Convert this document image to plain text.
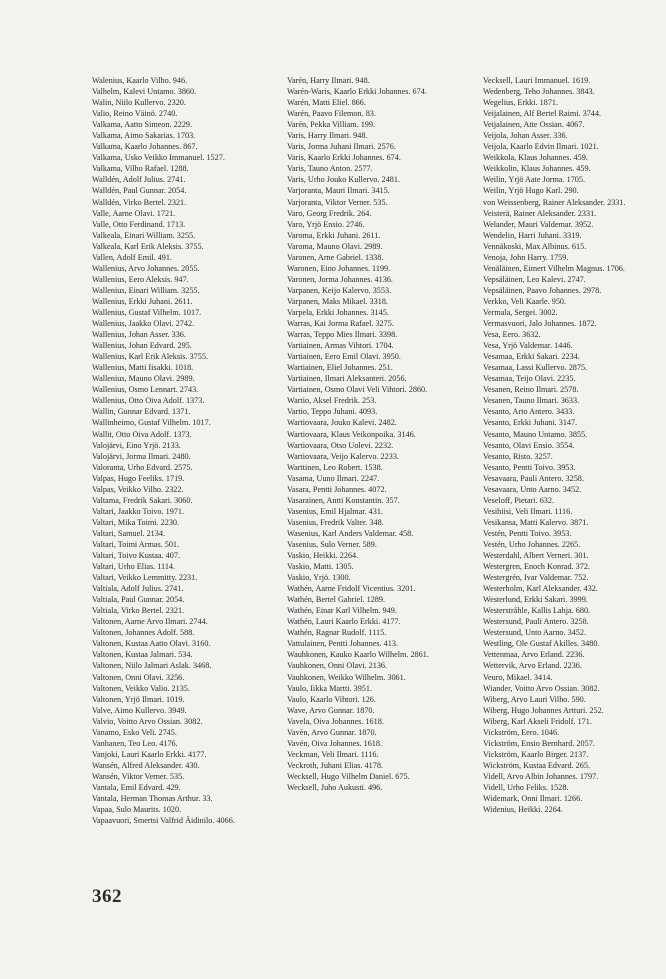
Walenius, Kaarlo Vilho. 946.
Valhelm, Kalevi Untamo. 3860.
Walin, Niilo Kullervo. 2320.
Valio, Reino Väinö. 2740.
Valkama, Aatto Simeon. 2229.
Valkama, Aimo Sakarias. 1703.
Valkama, Kaarlo Johannes. 867.
Valkama, Usko Veikko Immanuel. 1527.
Valkama, Vilho Rafael. 1288.
Walldén, Adolf Julius. 2741.
Walldén, Paul Gunnar. 2054.
Walldén, Virko Bertel. 2321.
Valle, Aarne Olavi. 1721.
Valle, Otto Ferdinand. 1713.
Valkeala, Einari William. 3255.
Valkeala, Karl Erik Aleksis. 3755.
Vallen, Adolf Emil. 491.
Wallenius, Arvo Johannes. 2055.
Wallenius, Eero Aleksis. 947.
Wallenius, Einari William. 3255.
Wallenius, Erkki Juhani. 2611.
Wallenius, Gustaf Vilhelm. 1017.
Wallenius, Jaakko Olavi. 2742.
Wallenius, Johan Asser. 336.
Wallenius, Johan Edvard. 295.
Wallenius, Karl Erik Aleksis. 3755.
Wallenius, Matti Iisakki. 1018.
Wallenius, Mauno Olavi. 2989.
Wallenius, Osmo Lennart. 2743.
Wallenius, Otto Oiva Adolf. 1373.
Wallin, Gunnar Edvard. 1371.
Wallinheimo, Gustaf Vilhelm. 1017.
Wallit, Otto Oiva Adolf. 1373.
Valojärvi, Eino Yrjö. 2133.
Valojärvi, Jorma Ilmari. 2480.
Valoranta, Urho Edvard. 2575.
Valpas, Hugo Feeliks. 1719.
Valpas, Veikko Vilho. 2322.
Valtama, Fredrik Sakari. 3060.
Valtari, Jaakko Toivo. 1971.
Valtari, Mika Toimi. 2230.
Valtari, Samuel. 2134.
Valtari, Toimi Armas. 501.
Valtari, Toivo Kustaa. 407.
Valtari, Urho Elias. 1114.
Valtari, Veikko Lemmitty. 2231.
Valtiala, Adolf Julius. 2741.
Valtiala, Paul Gunnar. 2054.
Valtiala, Virko Bertel. 2321.
Valtonen, Aarne Arvo Ilmari. 2744.
Valtonen, Johannes Adolf. 588.
Valtonen, Kustaa Aatto Olavi. 3160.
Valtonen, Kustaa Jalmari. 534.
Valtonen, Niilo Jalmari Aslak. 3468.
Valtonen, Onni Olavi. 3256.
Valtonen, Veikko Valio. 2135.
Valtonen, Yrjö Ilmari. 1019.
Valve, Aimo Kullervo. 3949.
Valvio, Voitto Arvo Ossian. 3082.
Vanamo, Esko Veli. 2745.
Vanhanen, Teo Leo. 4176.
Vanjoki, Lauri Kaarlo Erkki. 4177.
Wansén, Alfred Aleksander. 430.
Wansén, Viktor Verner. 535.
Vantala, Emil Edvard. 429.
Vantala, Herman Thomas Arthur. 33.
Vapaa, Sulo Maurits. 1020.
Vapaavuori, Smertsi Valfrid Äidinilo. 4066.
Varén, Harry Ilmari. 948.
Warén-Waris, Kaarlo Erkki Johannes. 674.
Warén, Matti Eliel. 866.
Warén, Paavo Filemon. 83.
Varén, Pekka Villiam. 199.
Varis, Harry Ilmari. 948.
Varis, Jorma Juhani Ilmari. 2576.
Varis, Kaarlo Erkki Johannes. 674.
Varis, Tauno Anton. 2577.
Varis, Urho Jouko Kullervo. 2481.
Varjoranta, Mauri Ilmari. 3415.
Varjoranta, Viktor Verner. 535.
Varo, Georg Fredrik. 264.
Varo, Yrjö Ensio. 2746.
Varoma, Erkki Juhani. 2611.
Varoma, Mauno Olavi. 2989.
Varonen, Arne Gabriel. 1338.
Waronen, Eino Johannes. 1199.
Varonen, Jorma Johannes. 4136.
Varpanen, Keijo Kalervo. 3553.
Varpanen, Maks Mikael. 3318.
Varpela, Erkki Johannes. 3145.
Warras, Kai Jorma Rafael. 3275.
Warras, Teppo Mies Ilmari. 3398.
Vartiainen, Armas Vihtori. 1704.
Vartiainen, Eero Emil Olavi. 3950.
Wartiainen, Eliel Johannes. 251.
Vartiainen, Ilmari Aleksanteri. 2056.
Vartiainen, Osmo Olavi Veli Vihtori. 2860.
Wartio, Aksel Fredrik. 253.
Vartio, Teppo Juhani. 4093.
Wartiovaara, Jouko Kalevi. 2482.
Wartiovaara, Klaus Veikonpoika. 3146.
Wartiovaara, Otso Uolevi. 2232.
Wartiovaara, Veijo Kalervo. 2233.
Warttinen, Leo Robert. 1538.
Vasama, Uuno Ilmari. 2247.
Vasara, Pentti Johannes. 4072.
Vasarainen, Antti Konstantin. 357.
Vasenius, Emil Hjalmar. 431.
Vasenius, Fredrik Valter. 348.
Wasenius, Karl Anders Valdemar. 458.
Vasenius, Sulo Verner. 589.
Vaskio, Heikki. 2264.
Vaskio, Matti. 1305.
Vaskio, Yrjö. 1300.
Wathén, Aarne Fridolf Vicentius. 3201.
Wathén, Bertel Gabriel. 1289.
Wathén, Einar Karl Vilhelm. 949.
Wathén, Lauri Kaarlo Erkki. 4177.
Wathén, Ragnar Rudolf. 1115.
Vattulainen, Pentti Johannes. 413.
Wauhkonen, Kauko Kaarlo Wilhelm. 2861.
Vauhkonen, Onni Olavi. 2136.
Vauhkonen, Weikko Wilhelm. 3061.
Vaulo, Iikka Martti. 3951.
Vaulo, Kaarlo Vihtori. 126.
Wave, Arvo Gunnar. 1870.
Vavela, Oiva Johannes. 1618.
Vavén, Arvo Gunnar. 1870.
Vavén, Oiva Johannes. 1618.
Veckman, Veli Ilmari. 1116.
Veckroth, Juhani Elias. 4178.
Wecksell, Hugo Vilhelm Daniel. 675.
Wecksell, Juho Aukusti. 496.
Vecksell, Lauri Immanuel. 1619.
Wedenberg, Teho Johannes. 3843.
Wegelius, Erkki. 1871.
Veijalainen, Alf Bertel Raimi. 3744.
Veijalainen, Atte Ossian. 4067.
Veijola, Johan Asser. 336.
Veijola, Kaarlo Edvin Ilmari. 1021.
Weikkola, Klaus Johannes. 459.
Weikkolin, Klaus Johannes. 459.
Weilin, Yrjö Aate Jorma. 1705.
Weilin, Yrjö Hugo Karl. 290.
von Weissenberg, Rainer Aleksander. 2331.
Veisterä, Rainer Aleksander. 2331.
Welander, Mauri Valdemar. 3952.
Wendelin, Harri Juhani. 3319.
Vennäkoski, Max Albinus. 615.
Venoja, John Harry. 1759.
Venäläinen, Eimert Vilhelm Magnus. 1706.
Vepsäläinen, Leo Kalevi. 2747.
Vepsäläinen, Paavo Johannes. 2978.
Verkko, Veli Kaarle. 950.
Vermala, Sergei. 3002.
Vermasvuori, Jalo Johannes. 1872.
Vesa, Eero. 3632.
Vesa, Yrjö Valdemar. 1446.
Vesamaa, Erkki Sakari. 2234.
Vesamaa, Lassi Kullervo. 2875.
Vesamaa, Teijo Olavi. 2235.
Vesanen, Reino Ilmari. 2578.
Vesanen, Tauno Ilmari. 3633.
Vesanto, Arto Antero. 3433.
Vesanto, Erkki Juhani. 3147.
Vesanto, Mauno Untamo. 3855.
Vesanto, Olavi Ensio. 3554.
Vesanto, Risto. 3257.
Vesanto, Pentti Toivo. 3953.
Vesavaara, Pauli Antero. 3258.
Vesavaara, Unto Aarno. 3452.
Veseloff, Pietari. 632.
Vesihiisi, Veli Ilmari. 1116.
Vesikansa, Matti Kalervo. 3871.
Vestén, Pentti Toivo. 3953.
Vestén, Urho Johannes. 2265.
Westerdahl, Albert Verneri. 301.
Westergren, Enoch Konrad. 372.
Westergrén, Ivar Valdemar. 752.
Westerholm, Karl Aleksander. 432.
Westerlund, Erkki Sakari. 3999.
Westerstråhle, Kallis Lahja. 680.
Westersund, Pauli Antero. 3258.
Westersund, Unto Aarno. 3452.
Westling, Ole Gustaf Akilles. 3480.
Vettenmaa, Arvo Erland. 2236.
Wettervik, Arvo Erland. 2236.
Veuro, Mikael. 3414.
Wiander, Voitto Arvo Ossian. 3082.
Wiberg, Arvo Lauri Vilho. 590.
Wiberg, Hugo Johannes Artturi. 252.
Wiberg, Karl Akseli Fridolf. 171.
Vickström, Eero. 1046.
Vickström, Ensio Bernhard. 2057.
Vickström, Kaarlo Birger. 2137.
Wickström, Kustaa Edvard. 265.
Videll, Arvo Albin Johannes. 1797.
Videll, Urho Feliks. 1528.
Widemark, Onni Ilmari. 1266.
Widenius, Heikki. 2264.
362
